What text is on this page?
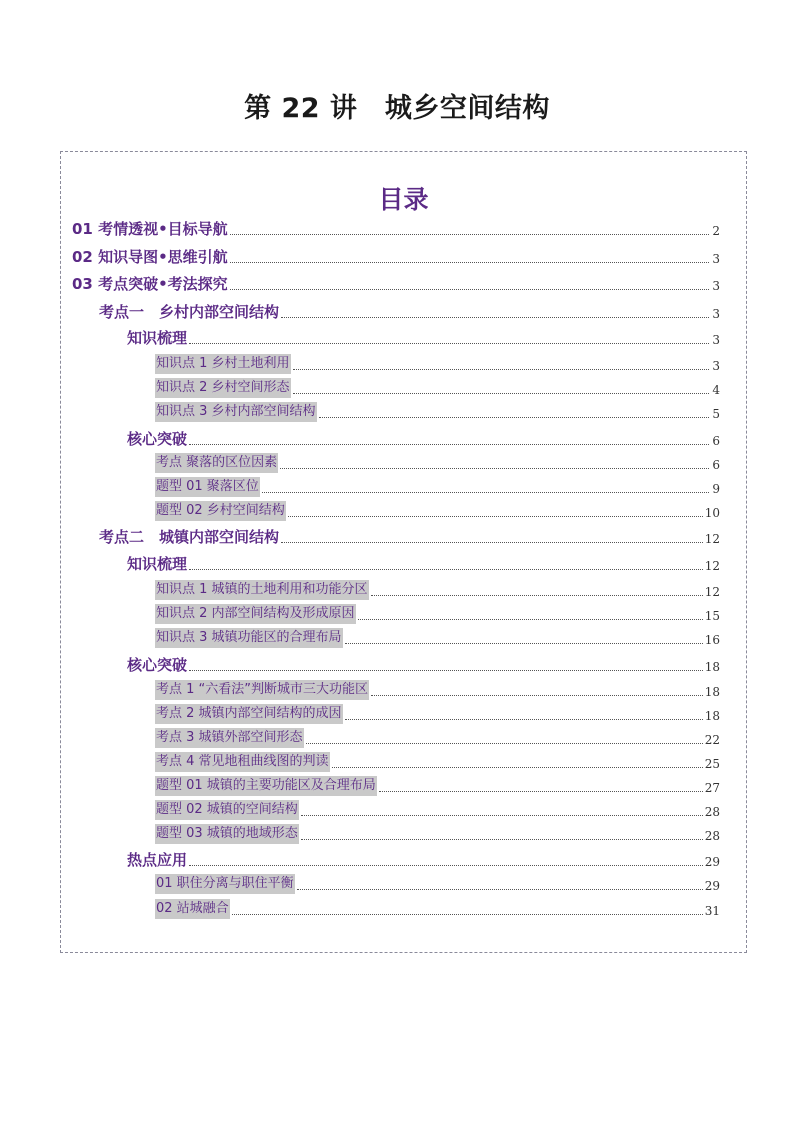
第 22 讲　城乡空间结构
目录
01 考情透视•目标导航	2
02 知识导图•思维引航	3
03 考点突破•考法探究	3
考点一　乡村内部空间结构	3
知识梳理	3
知识点 1 乡村土地利用	3
知识点 2 乡村空间形态	4
知识点 3 乡村内部空间结构	5
核心突破	6
考点 聚落的区位因素	6
题型 01 聚落区位	9
题型 02 乡村空间结构	10
考点二　城镇内部空间结构	12
知识梳理	12
知识点 1 城镇的土地利用和功能分区	12
知识点 2 内部空间结构及形成原因	15
知识点 3 城镇功能区的合理布局	16
核心突破	18
考点 1 “六看法”判断城市三大功能区	18
考点 2 城镇内部空间结构的成因	18
考点 3 城镇外部空间形态	22
考点 4 常见地租曲线图的判读	25
题型 01 城镇的主要功能区及合理布局	27
题型 02 城镇的空间结构	28
题型 03 城镇的地域形态	28
热点应用	29
01 职住分离与职住平衡	29
02 站城融合	31
